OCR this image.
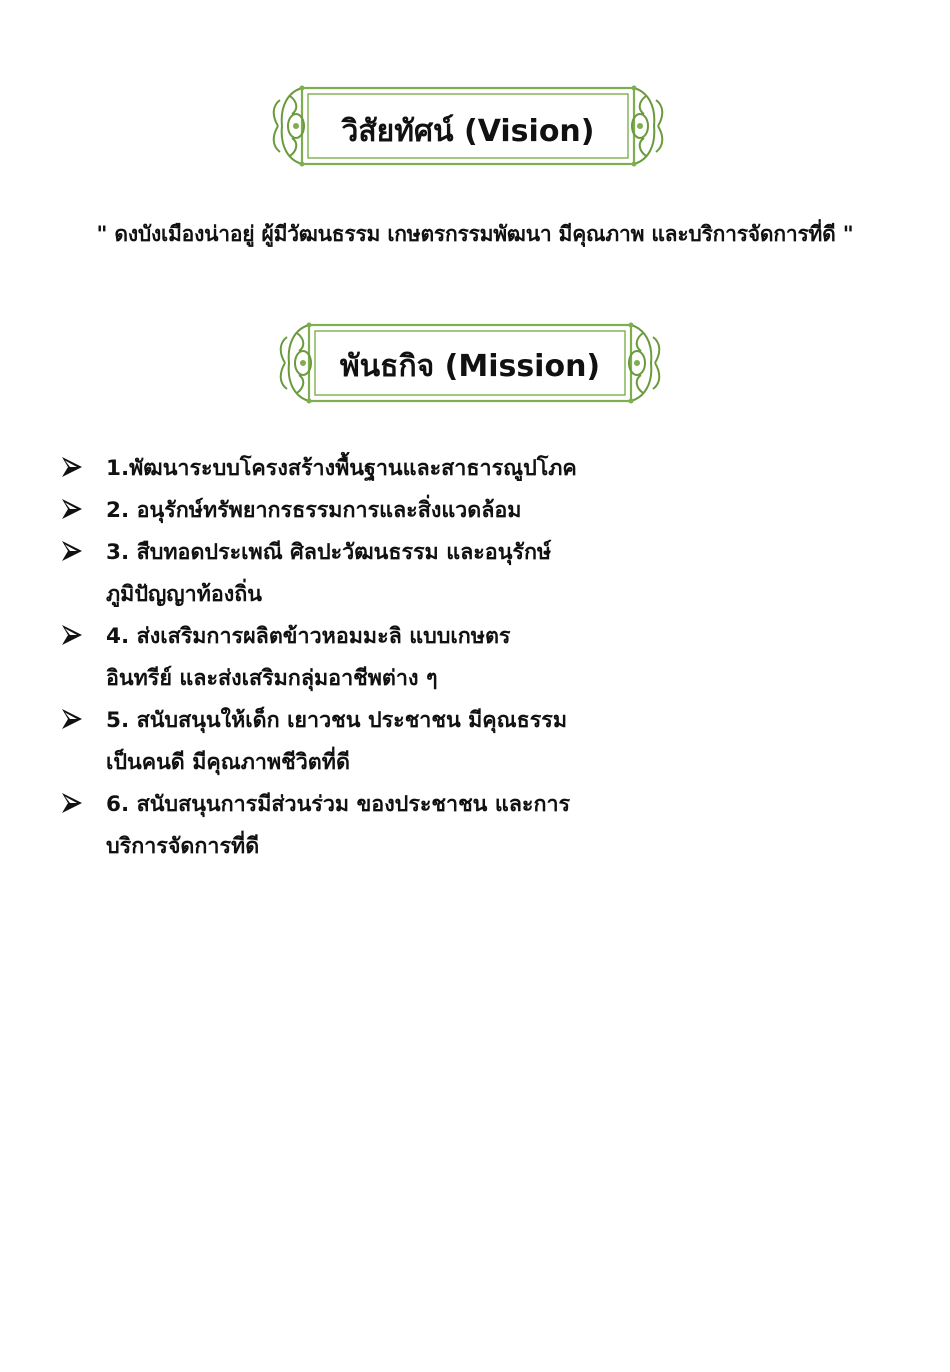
วิสัยทัศน์ (Vision)
" ดงบังเมืองน่าอยู่ ผู้มีวัฒนธรรม เกษตรกรรมพัฒนา มีคุณภาพ และบริการจัดการที่ดี "
พันธกิจ (Mission)
1.พัฒนาระบบโครงสร้างพื้นฐานและสาธารณูปโภค
2. อนุรักษ์ทรัพยากรธรรมการและสิ่งแวดล้อม
3. สืบทอดประเพณี ศิลปะวัฒนธรรม และอนุรักษ์
ภูมิปัญญาท้องถิ่น
4. ส่งเสริมการผลิตข้าวหอมมะลิ แบบเกษตร
อินทรีย์ และส่งเสริมกลุ่มอาชีพต่าง ๆ
5. สนับสนุนให้เด็ก เยาวชน ประชาชน มีคุณธรรม
เป็นคนดี มีคุณภาพชีวิตที่ดี
6. สนับสนุนการมีส่วนร่วม ของประชาชน และการ
บริการจัดการที่ดี
